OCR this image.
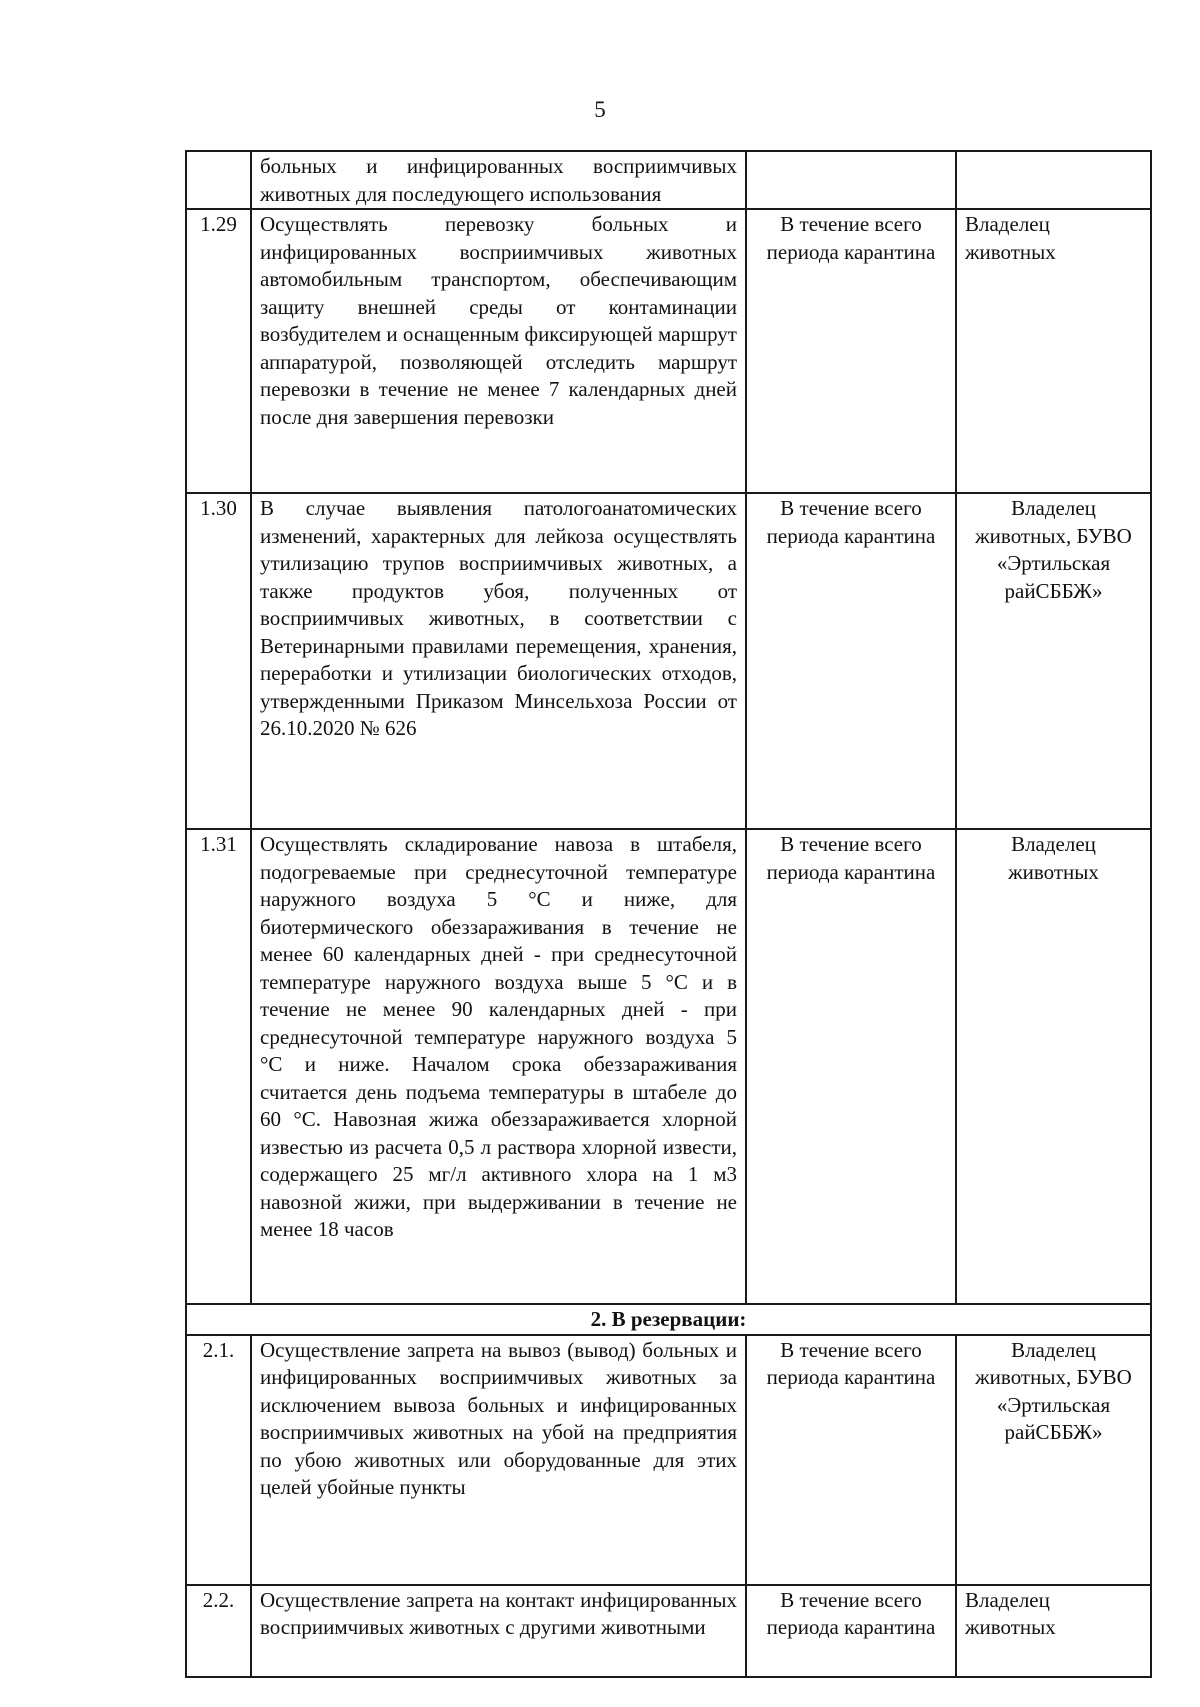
5
	больных и инфицированных восприимчивых животных для последующего использования		
1.29	Осуществлять перевозку больных и инфицированных восприимчивых животных автомобильным транспортом, обеспечивающим защиту внешней среды от контаминации возбудителем и оснащенным фиксирующей маршрут аппаратурой, позволяющей отследить маршрут перевозки в течение не менее 7 календарных дней после дня завершения перевозки	В течение всего периода карантина	Владелец животных
1.30	В случае выявления патологоанатомических изменений, характерных для лейкоза осуществлять утилизацию трупов восприимчивых животных, а также продуктов убоя, полученных от восприимчивых животных, в соответствии с Ветеринарными правилами перемещения, хранения, переработки и утилизации биологических отходов, утвержденными Приказом Минсельхоза России от 26.10.2020 № 626	В течение всего периода карантина	Владелец животных, БУВО «Эртильская райСББЖ»
1.31	Осуществлять складирование навоза в штабеля, подогреваемые при среднесуточной температуре наружного воздуха 5 °С и ниже, для биотермического обеззараживания в течение не менее 60 календарных дней - при среднесуточной температуре наружного воздуха выше 5 °С и в течение не менее 90 календарных дней - при среднесуточной температуре наружного воздуха 5 °С и ниже. Началом срока обеззараживания считается день подъема температуры в штабеле до 60 °С. Навозная жижа обеззараживается хлорной известью из расчета 0,5 л раствора хлорной извести, содержащего 25 мг/л активного хлора на 1 м3 навозной жижи, при выдерживании в течение не менее 18 часов	В течение всего периода карантина	Владелец животных
2. В резервации:			
2.1.	Осуществление запрета на вывоз (вывод) больных и инфицированных восприимчивых животных за исключением вывоза больных и инфицированных восприимчивых животных на убой на предприятия по убою животных или оборудованные для этих целей убойные пункты	В течение всего периода карантина	Владелец животных, БУВО «Эртильская райСББЖ»
2.2.	Осуществление запрета на контакт инфицированных восприимчивых животных с другими животными	В течение всего периода карантина	Владелец животных
